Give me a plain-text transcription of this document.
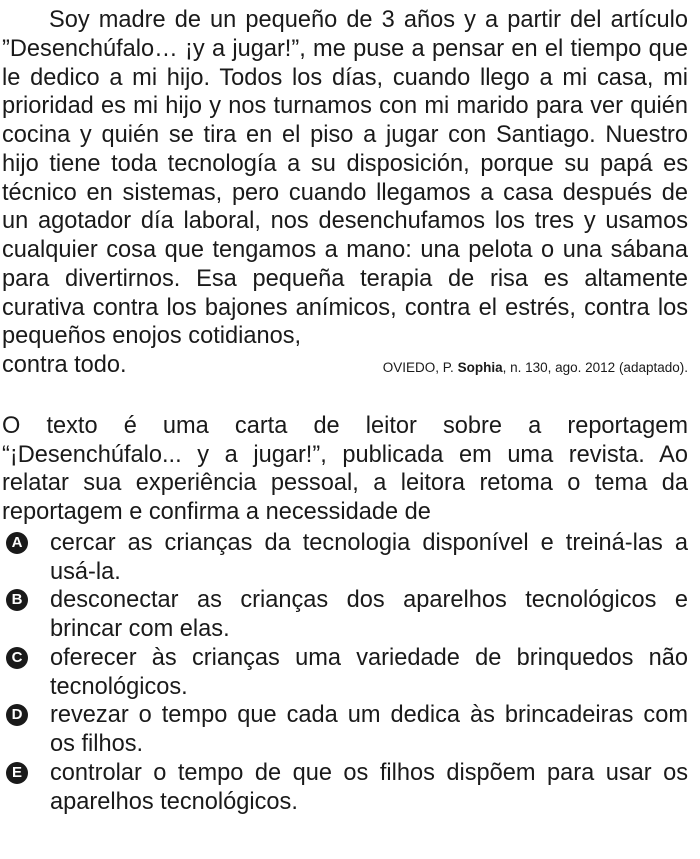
Soy madre de un pequeño de 3 años y a partir del artículo ”Desenchúfalo… ¡y a jugar!”, me puse a pensar en el tiempo que le dedico a mi hijo. Todos los días, cuando llego a mi casa, mi prioridad es mi hijo y nos turnamos con mi marido para ver quién cocina y quién se tira en el piso a jugar con Santiago. Nuestro hijo tiene toda tecnología a su disposición, porque su papá es técnico en sistemas, pero cuando llegamos a casa después de un agotador día laboral, nos desenchufamos los tres y usamos cualquier cosa que tengamos a mano: una pelota o una sábana para divertirnos. Esa pequeña terapia de risa es altamente curativa contra los bajones anímicos, contra el estrés, contra los pequeños enojos cotidianos,

contra todo.	OVIEDO, P. Sophia, n. 130, ago. 2012 (adaptado).

O texto é uma carta de leitor sobre a reportagem “¡Desenchúfalo... y a jugar!”, publicada em uma revista. Ao relatar sua experiência pessoal, a leitora retoma o tema da reportagem e confirma a necessidade de

A cercar as crianças da tecnologia disponível e treiná-las a usá-la.
B desconectar as crianças dos aparelhos tecnológicos e brincar com elas.
C oferecer às crianças uma variedade de brinquedos não tecnológicos.
D revezar o tempo que cada um dedica às brincadeiras com os filhos.
E controlar o tempo de que os filhos dispõem para usar os aparelhos tecnológicos.
